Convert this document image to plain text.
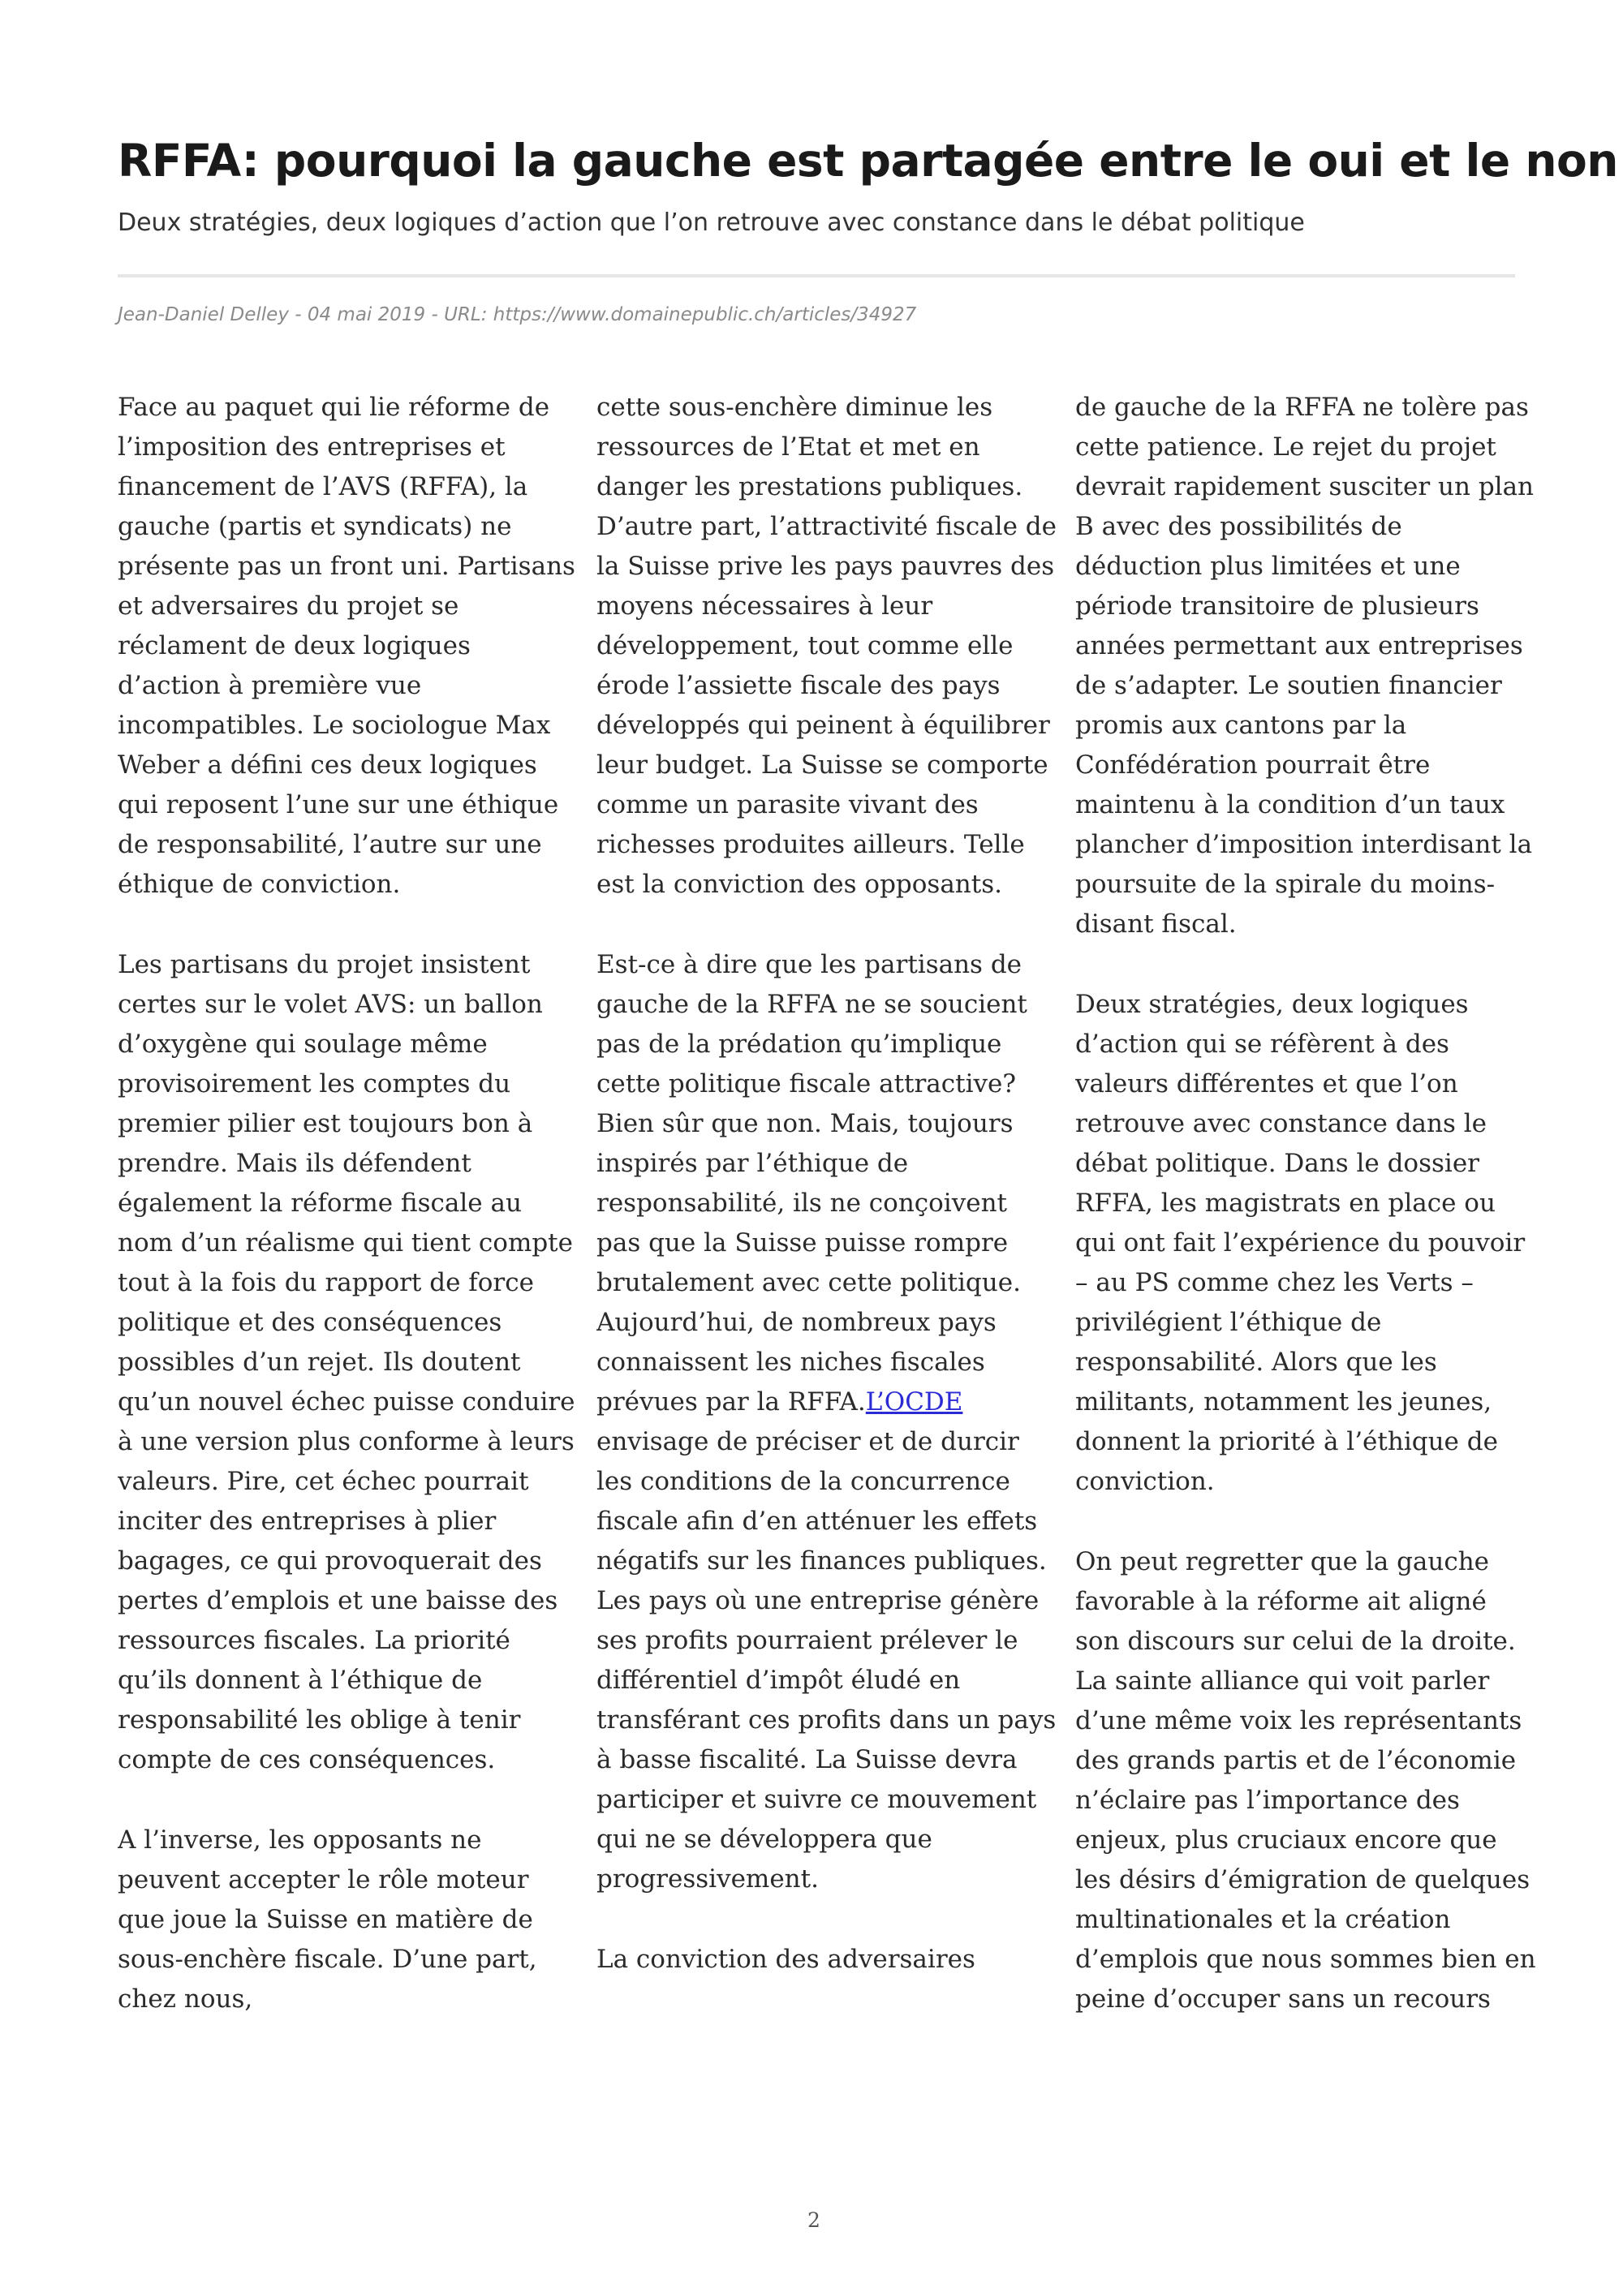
RFFA: pourquoi la gauche est partagée entre le oui et le non
Deux stratégies, deux logiques d’action que l’on retrouve avec constance dans le débat politique
Jean-Daniel Delley - 04 mai 2019 - URL: https://www.domainepublic.ch/articles/34927

Face au paquet qui lie réforme de l’imposition des entreprises et financement de l’AVS (RFFA), la gauche (partis et syndicats) ne présente pas un front uni. Partisans et adversaires du projet se réclament de deux logiques d’action à première vue incompatibles. Le sociologue Max Weber a défini ces deux logiques qui reposent l’une sur une éthique de responsabilité, l’autre sur une éthique de conviction.

Les partisans du projet insistent certes sur le volet AVS: un ballon d’oxygène qui soulage même provisoirement les comptes du premier pilier est toujours bon à prendre. Mais ils défendent également la réforme fiscale au nom d’un réalisme qui tient compte tout à la fois du rapport de force politique et des conséquences possibles d’un rejet. Ils doutent qu’un nouvel échec puisse conduire à une version plus conforme à leurs valeurs. Pire, cet échec pourrait inciter des entreprises à plier bagages, ce qui provoquerait des pertes d’emplois et une baisse des ressources fiscales. La priorité qu’ils donnent à l’éthique de responsabilité les oblige à tenir compte de ces conséquences.

A l’inverse, les opposants ne peuvent accepter le rôle moteur que joue la Suisse en matière de sous-enchère fiscale. D’une part, chez nous,

cette sous-enchère diminue les ressources de l’Etat et met en danger les prestations publiques. D’autre part, l’attractivité fiscale de la Suisse prive les pays pauvres des moyens nécessaires à leur développement, tout comme elle érode l’assiette fiscale des pays développés qui peinent à équilibrer leur budget. La Suisse se comporte comme un parasite vivant des richesses produites ailleurs. Telle est la conviction des opposants.

Est-ce à dire que les partisans de gauche de la RFFA ne se soucient pas de la prédation qu’implique cette politique fiscale attractive? Bien sûr que non. Mais, toujours inspirés par l’éthique de responsabilité, ils ne conçoivent pas que la Suisse puisse rompre brutalement avec cette politique. Aujourd’hui, de nombreux pays connaissent les niches fiscales prévues par la RFFA.L’OCDE envisage de préciser et de durcir les conditions de la concurrence fiscale afin d’en atténuer les effets négatifs sur les finances publiques. Les pays où une entreprise génère ses profits pourraient prélever le différentiel d’impôt éludé en transférant ces profits dans un pays à basse fiscalité. La Suisse devra participer et suivre ce mouvement qui ne se développera que progressivement.

La conviction des adversaires

de gauche de la RFFA ne tolère pas cette patience. Le rejet du projet devrait rapidement susciter un plan B avec des possibilités de déduction plus limitées et une période transitoire de plusieurs années permettant aux entreprises de s’adapter. Le soutien financier promis aux cantons par la Confédération pourrait être maintenu à la condition d’un taux plancher d’imposition interdisant la poursuite de la spirale du moins-disant fiscal.

Deux stratégies, deux logiques d’action qui se réfèrent à des valeurs différentes et que l’on retrouve avec constance dans le débat politique. Dans le dossier RFFA, les magistrats en place ou qui ont fait l’expérience du pouvoir – au PS comme chez les Verts – privilégient l’éthique de responsabilité. Alors que les militants, notamment les jeunes, donnent la priorité à l’éthique de conviction.

On peut regretter que la gauche favorable à la réforme ait aligné son discours sur celui de la droite. La sainte alliance qui voit parler d’une même voix les représentants des grands partis et de l’économie n’éclaire pas l’importance des enjeux, plus cruciaux encore que les désirs d’émigration de quelques multinationales et la création d’emplois que nous sommes bien en peine d’occuper sans un recours

2
